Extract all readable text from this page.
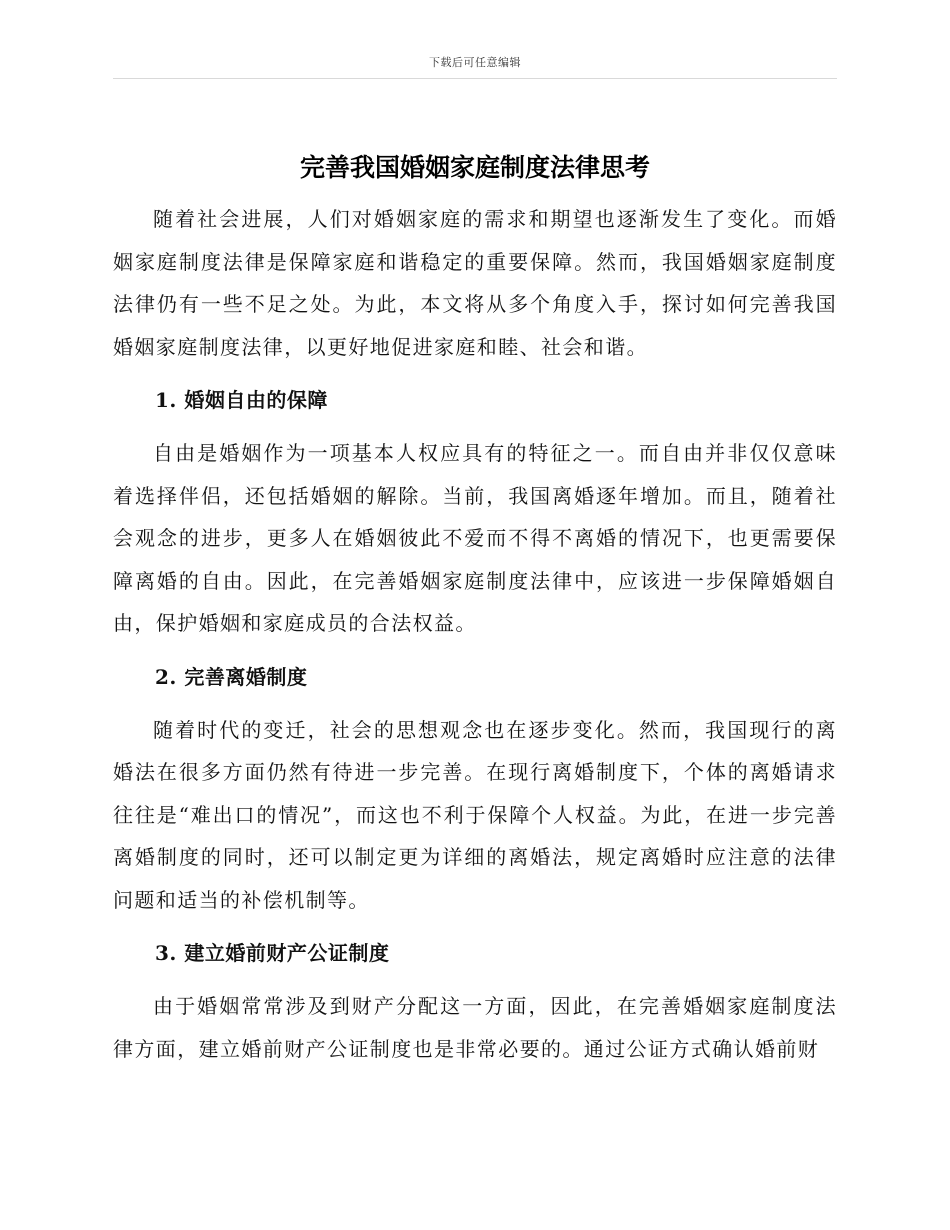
下载后可任意编辑
完善我国婚姻家庭制度法律思考

随着社会进展，人们对婚姻家庭的需求和期望也逐渐发生了变化。而婚姻家庭制度法律是保障家庭和谐稳定的重要保障。然而，我国婚姻家庭制度法律仍有一些不足之处。为此，本文将从多个角度入手，探讨如何完善我国婚姻家庭制度法律，以更好地促进家庭和睦、社会和谐。

1. 婚姻自由的保障

自由是婚姻作为一项基本人权应具有的特征之一。而自由并非仅仅意味着选择伴侣，还包括婚姻的解除。当前，我国离婚逐年增加。而且，随着社会观念的进步，更多人在婚姻彼此不爱而不得不离婚的情况下，也更需要保障离婚的自由。因此，在完善婚姻家庭制度法律中，应该进一步保障婚姻自由，保护婚姻和家庭成员的合法权益。

2. 完善离婚制度

随着时代的变迁，社会的思想观念也在逐步变化。然而，我国现行的离婚法在很多方面仍然有待进一步完善。在现行离婚制度下，个体的离婚请求往往是“难出口的情况”，而这也不利于保障个人权益。为此，在进一步完善离婚制度的同时，还可以制定更为详细的离婚法，规定离婚时应注意的法律问题和适当的补偿机制等。

3. 建立婚前财产公证制度

由于婚姻常常涉及到财产分配这一方面，因此，在完善婚姻家庭制度法律方面，建立婚前财产公证制度也是非常必要的。通过公证方式确认婚前财
